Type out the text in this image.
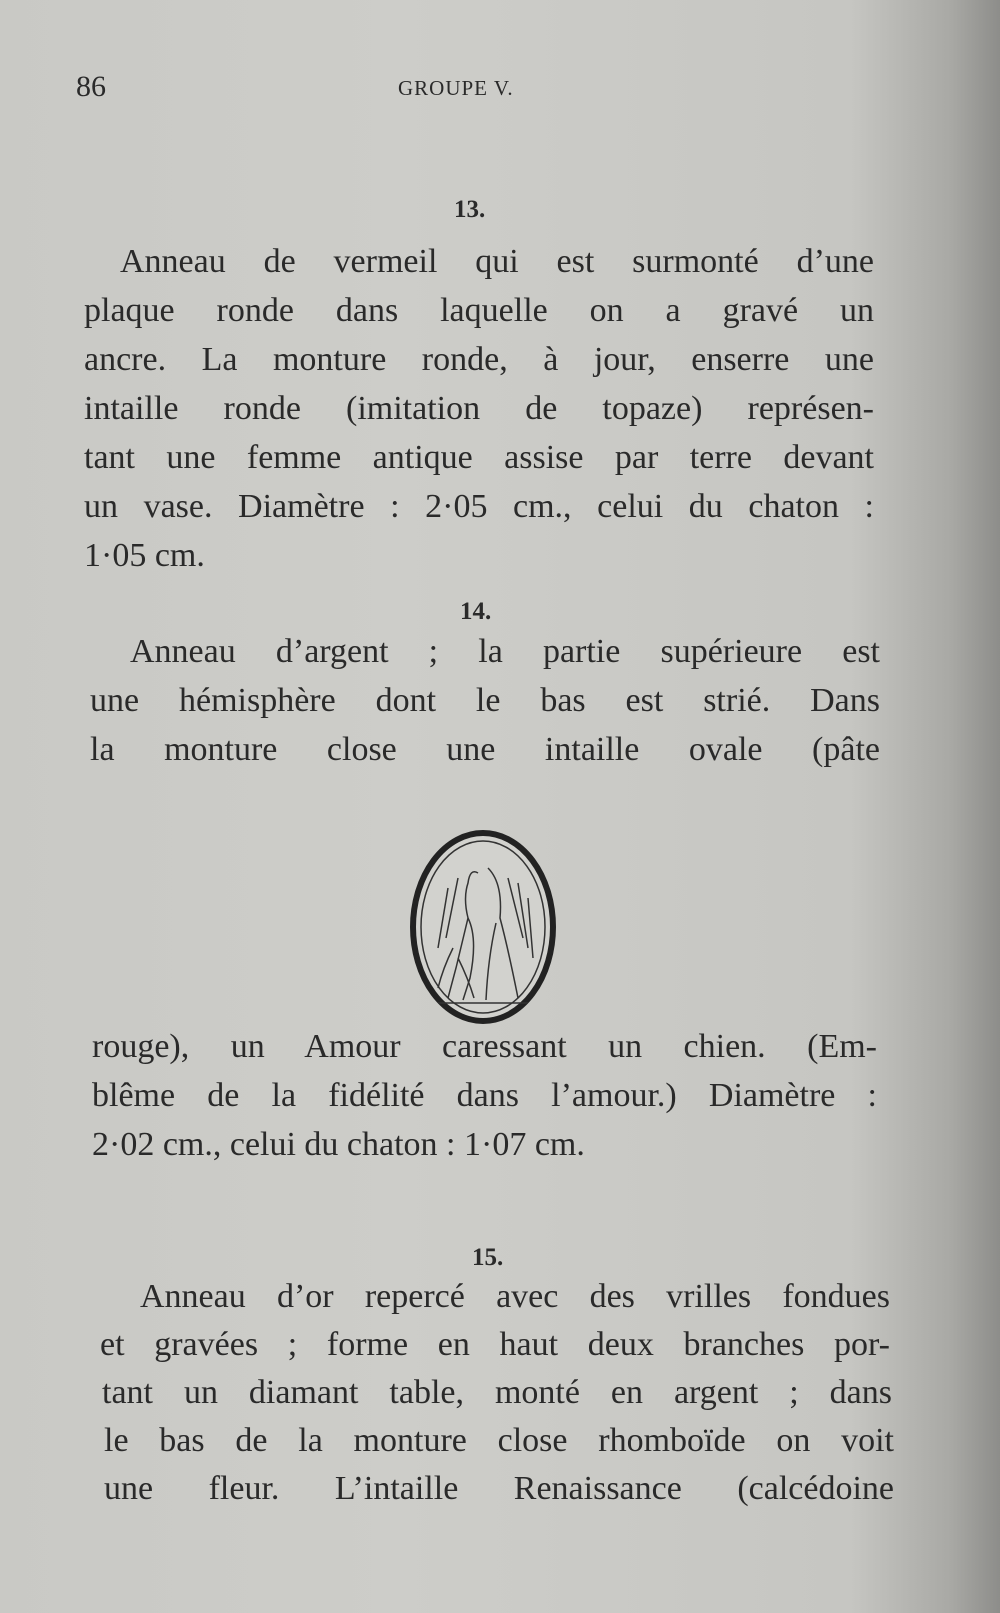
86	GROUPE V.
13.
Anneau de vermeil qui est surmonté d’une
plaque ronde dans laquelle on a gravé un
ancre. La monture ronde, à jour, enserre une
intaille ronde (imitation de topaze) représen-
tant une femme antique assise par terre devant
un vase. Diamètre : 2·05 cm., celui du chaton :
1·05 cm.
14.
Anneau d’argent ; la partie supérieure est
une hémisphère dont le bas est strié. Dans
la monture close une intaille ovale (pâte
rouge), un Amour caressant un chien. (Em-
blême de la fidélité dans l’amour.) Diamètre :
2·02 cm., celui du chaton : 1·07 cm.
15.
Anneau d’or repercé avec des vrilles fondues
et gravées ; forme en haut deux branches por-
tant un diamant table, monté en argent ; dans
le bas de la monture close rhomboïde on voit
une fleur. L’intaille Renaissance (calcédoine
